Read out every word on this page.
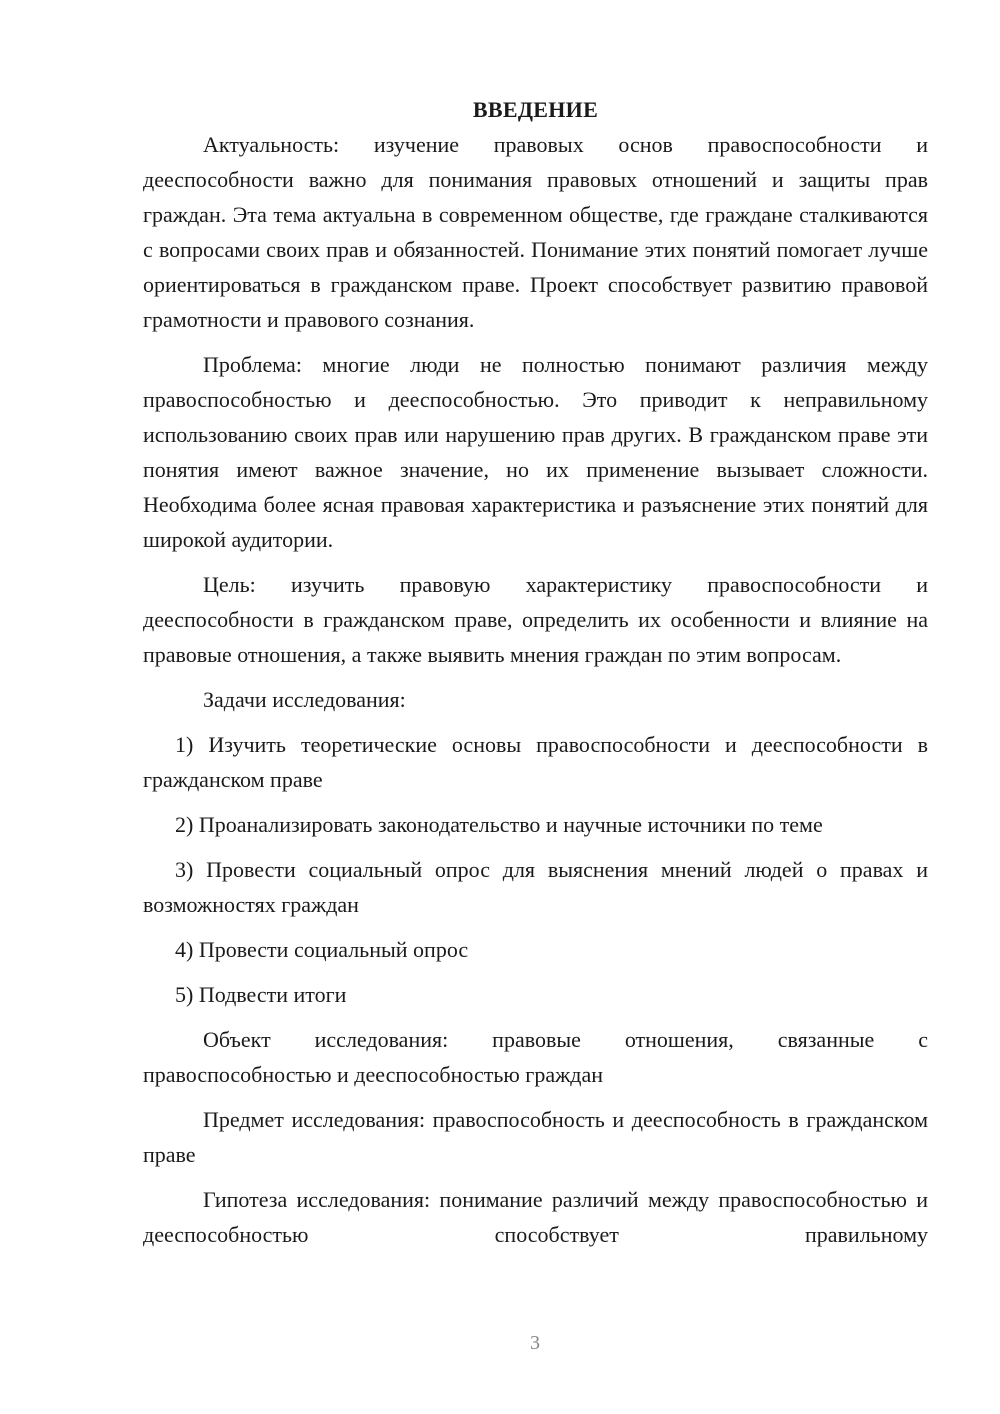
ВВЕДЕНИЕ

Актуальность: изучение правовых основ правоспособности и дееспособности важно для понимания правовых отношений и защиты прав граждан. Эта тема актуальна в современном обществе, где граждане сталкиваются с вопросами своих прав и обязанностей. Понимание этих понятий помогает лучше ориентироваться в гражданском праве. Проект способствует развитию правовой грамотности и правового сознания.

Проблема: многие люди не полностью понимают различия между правоспособностью и дееспособностью. Это приводит к неправильному использованию своих прав или нарушению прав других. В гражданском праве эти понятия имеют важное значение, но их применение вызывает сложности. Необходима более ясная правовая характеристика и разъяснение этих понятий для широкой аудитории.

Цель: изучить правовую характеристику правоспособности и дееспособности в гражданском праве, определить их особенности и влияние на правовые отношения, а также выявить мнения граждан по этим вопросам.

Задачи исследования:

1) Изучить теоретические основы правоспособности и дееспособности в гражданском праве

2) Проанализировать законодательство и научные источники по теме

3) Провести социальный опрос для выяснения мнений людей о правах и возможностях граждан

4) Провести социальный опрос

5) Подвести итоги

Объект исследования: правовые отношения, связанные с правоспособностью и дееспособностью граждан

Предмет исследования: правоспособность и дееспособность в гражданском праве

Гипотеза исследования: понимание различий между правоспособностью и дееспособностью способствует правильному

3
